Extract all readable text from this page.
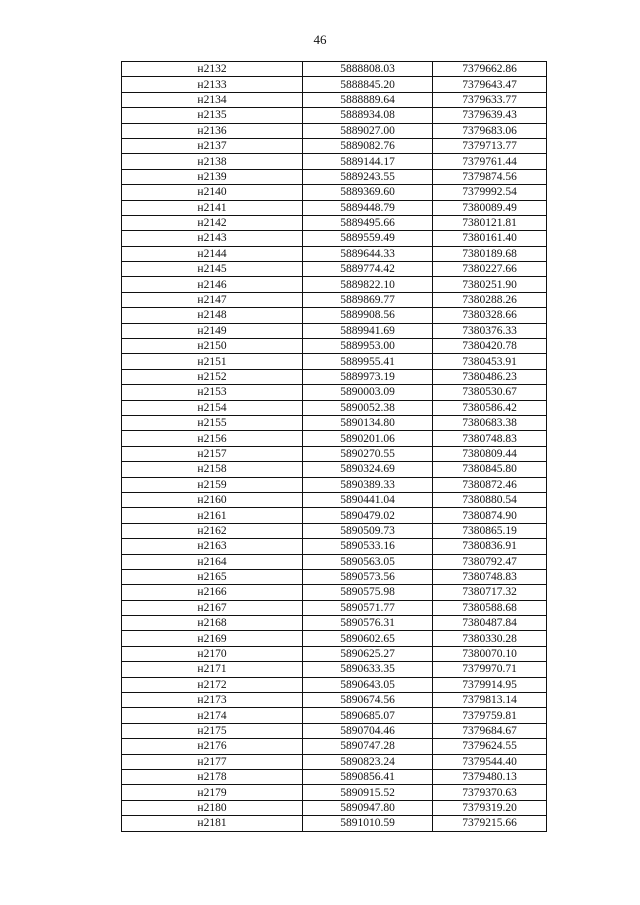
46
н2132	5888808.03	7379662.86
н2133	5888845.20	7379643.47
н2134	5888889.64	7379633.77
н2135	5888934.08	7379639.43
н2136	5889027.00	7379683.06
н2137	5889082.76	7379713.77
н2138	5889144.17	7379761.44
н2139	5889243.55	7379874.56
н2140	5889369.60	7379992.54
н2141	5889448.79	7380089.49
н2142	5889495.66	7380121.81
н2143	5889559.49	7380161.40
н2144	5889644.33	7380189.68
н2145	5889774.42	7380227.66
н2146	5889822.10	7380251.90
н2147	5889869.77	7380288.26
н2148	5889908.56	7380328.66
н2149	5889941.69	7380376.33
н2150	5889953.00	7380420.78
н2151	5889955.41	7380453.91
н2152	5889973.19	7380486.23
н2153	5890003.09	7380530.67
н2154	5890052.38	7380586.42
н2155	5890134.80	7380683.38
н2156	5890201.06	7380748.83
н2157	5890270.55	7380809.44
н2158	5890324.69	7380845.80
н2159	5890389.33	7380872.46
н2160	5890441.04	7380880.54
н2161	5890479.02	7380874.90
н2162	5890509.73	7380865.19
н2163	5890533.16	7380836.91
н2164	5890563.05	7380792.47
н2165	5890573.56	7380748.83
н2166	5890575.98	7380717.32
н2167	5890571.77	7380588.68
н2168	5890576.31	7380487.84
н2169	5890602.65	7380330.28
н2170	5890625.27	7380070.10
н2171	5890633.35	7379970.71
н2172	5890643.05	7379914.95
н2173	5890674.56	7379813.14
н2174	5890685.07	7379759.81
н2175	5890704.46	7379684.67
н2176	5890747.28	7379624.55
н2177	5890823.24	7379544.40
н2178	5890856.41	7379480.13
н2179	5890915.52	7379370.63
н2180	5890947.80	7379319.20
н2181	5891010.59	7379215.66
